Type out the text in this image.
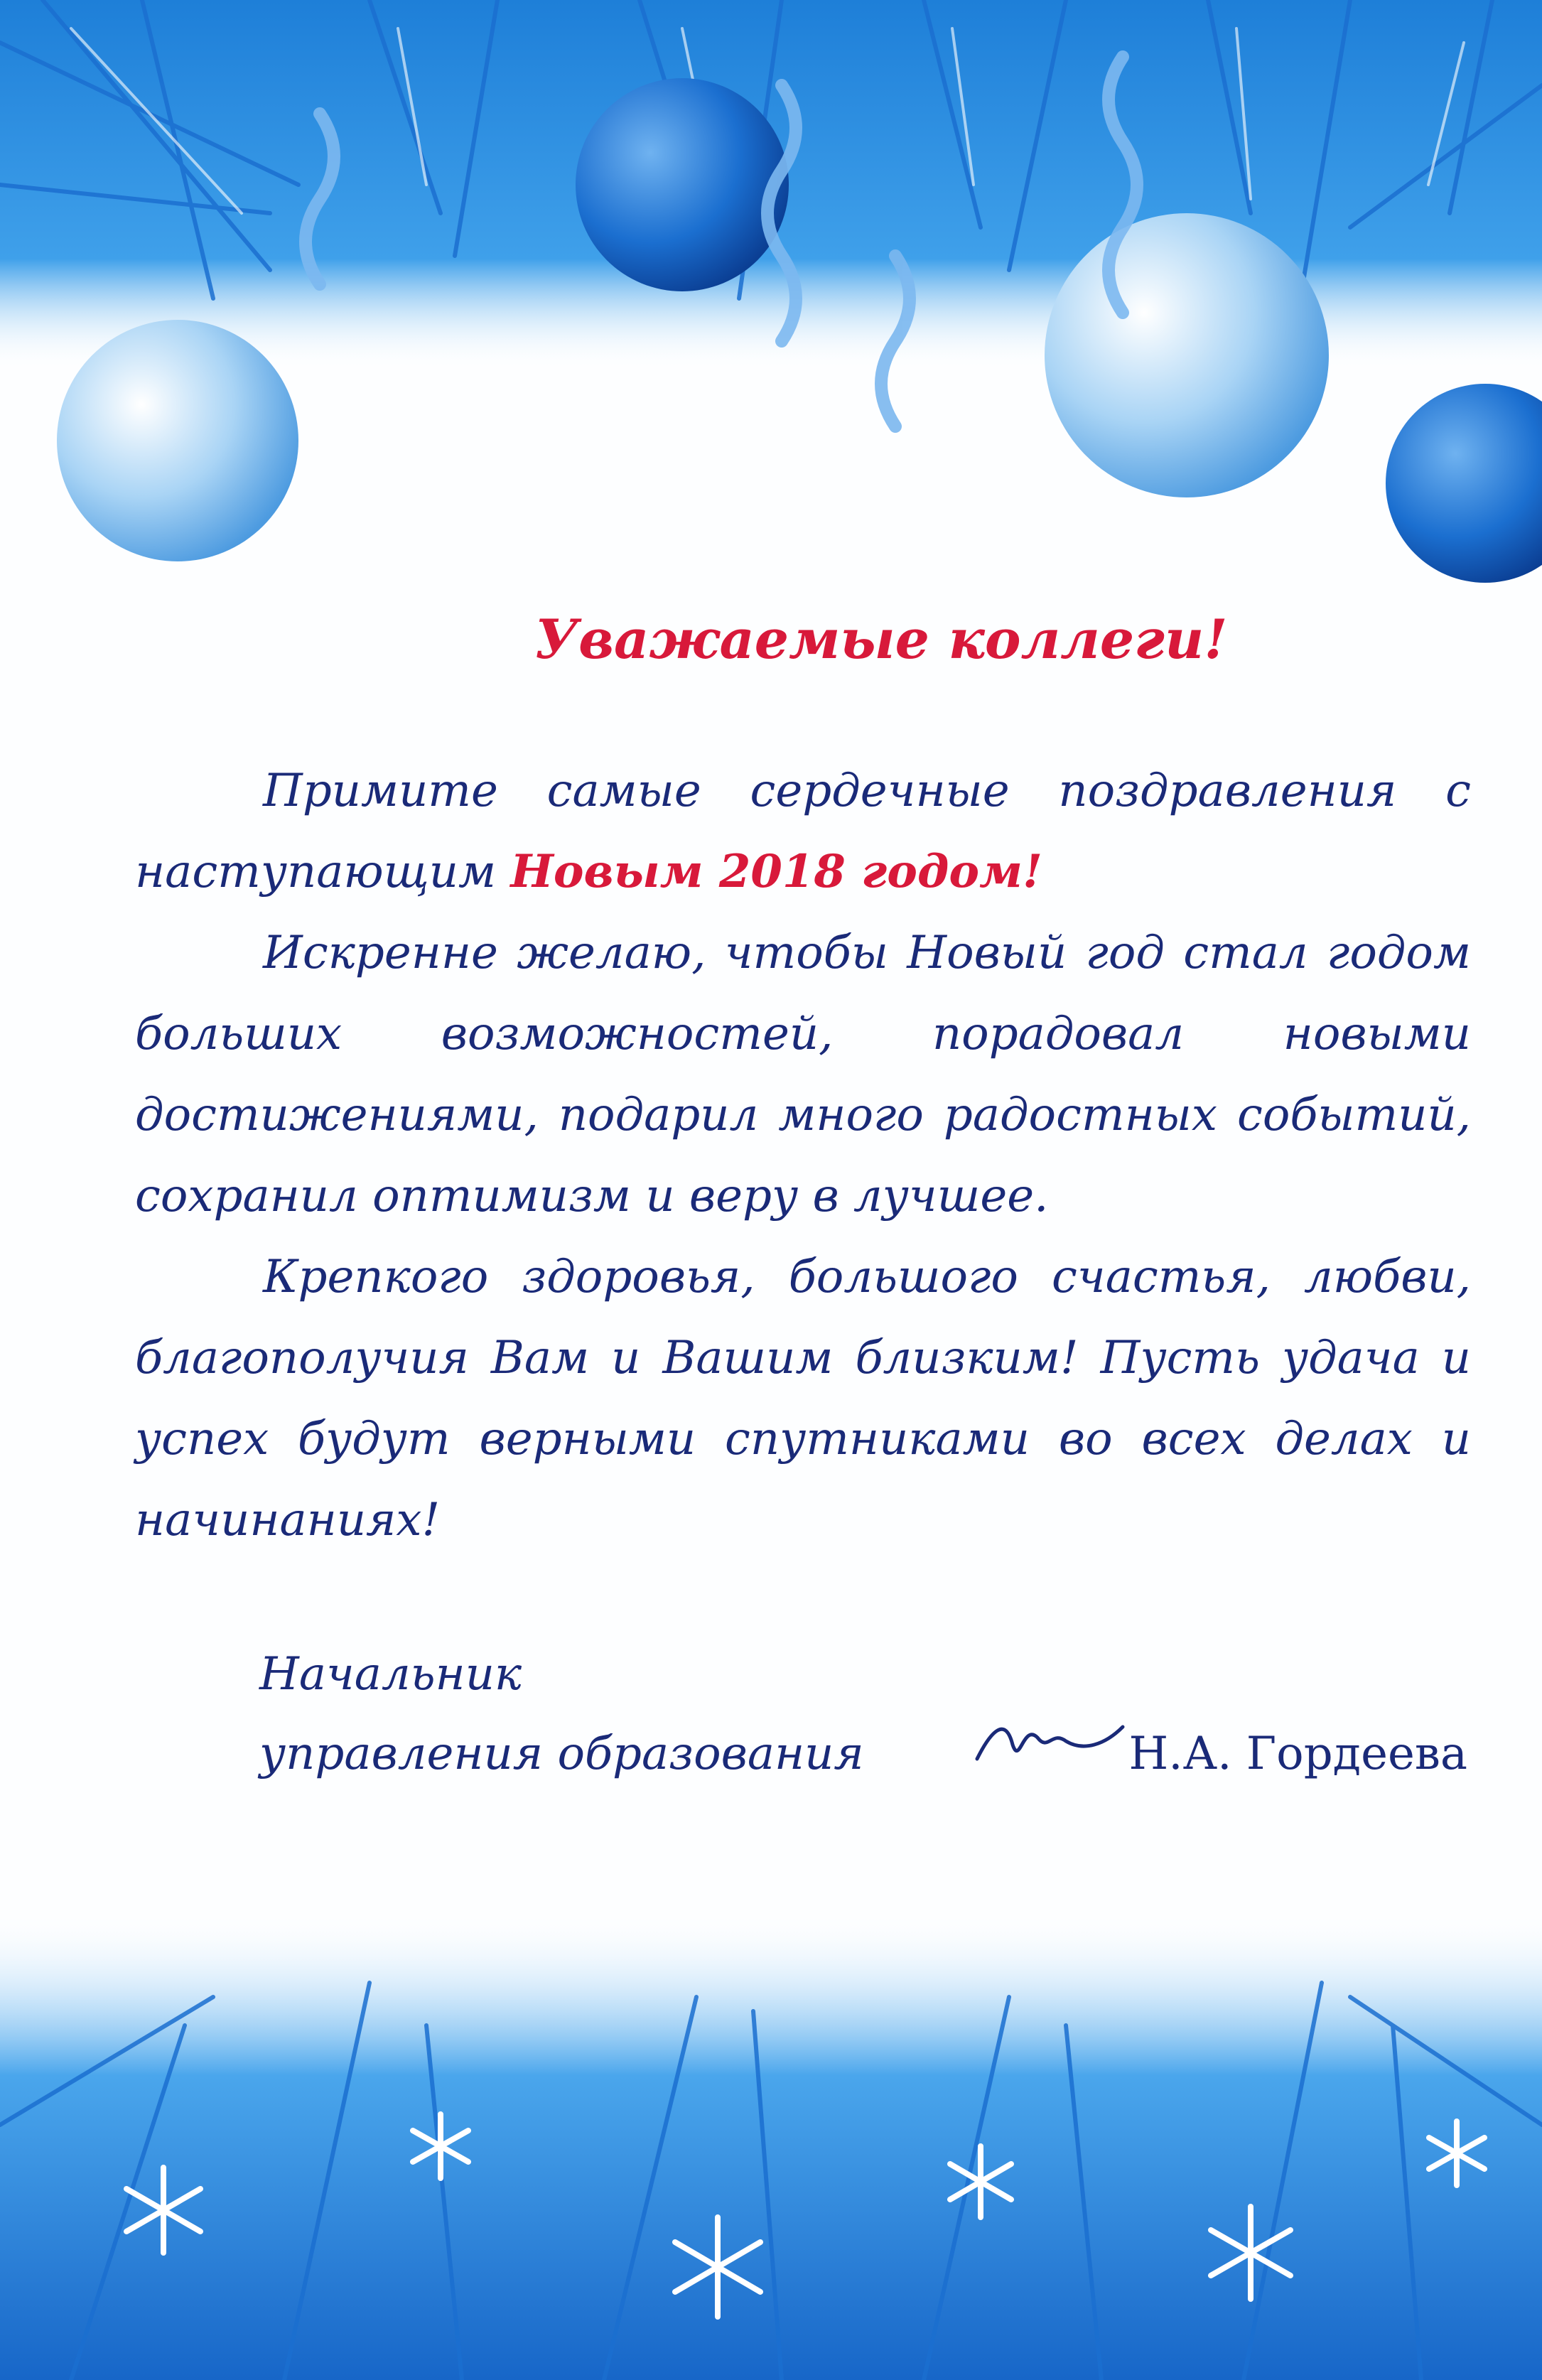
Уважаемые коллеги!

Примите самые сердечные поздравления с наступающим Новым 2018 годом!

Искренне желаю, чтобы Новый год стал годом больших возможностей, порадовал новыми достижениями, подарил много радостных событий, сохранил оптимизм и веру в лучшее.

Крепкого здоровья, большого счастья, любви, благополучия Вам и Вашим близким! Пусть удача и успех будут верными спутниками во всех делах и начинаниях!

Начальник
управления образования	Н.А. Гордеева
